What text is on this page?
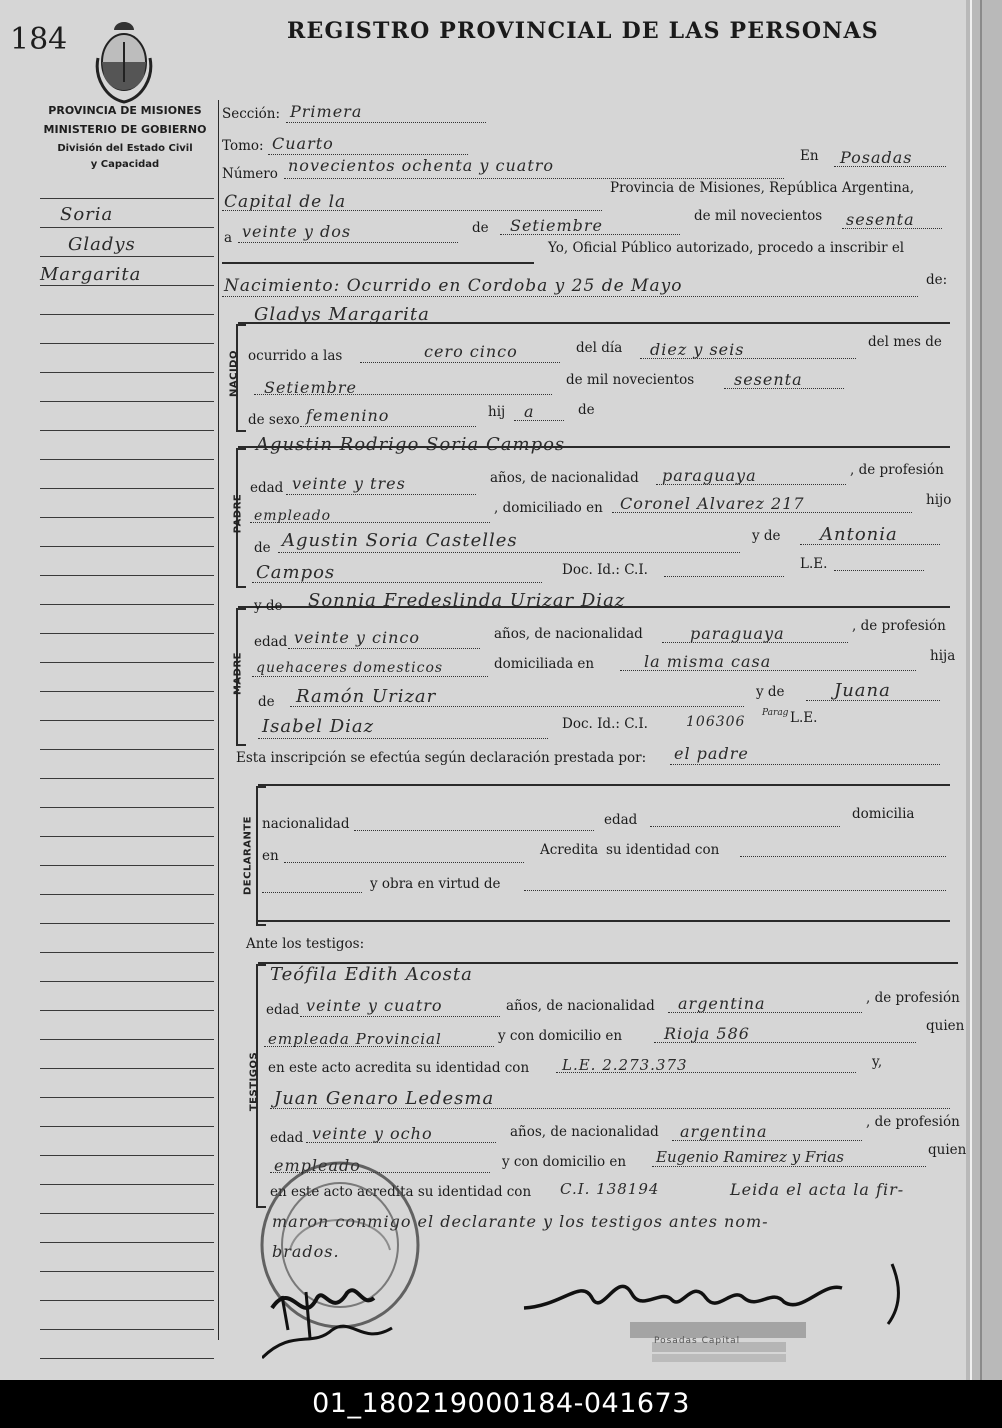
184	REGISTRO PROVINCIAL DE LAS PERSONAS
PROVINCIA DE MISIONES
MINISTERIO DE GOBIERNO
División del Estado Civil
y Capacidad
Soria
Gladys
Margarita
Sección: Primera
Tomo: Cuarto
Número novecientos ochenta y cuatro	En Posadas
Provincia de Misiones, República Argentina,
Capital de la
a veinte y dos	de Setiembre	de mil novecientos sesenta
Yo, Oficial Público autorizado, procedo a inscribir el
Nacimiento: Ocurrido en Cordoba y 25 de Mayo	de:
NACIDO
Gladys Margarita
ocurrido a las	cero cinco	del día diez y seis	del mes de
Setiembre	de mil novecientos sesenta
de sexo femenino	hij a	de
PADRE
Agustin Rodrigo Soria Campos
edad veinte y tres	años, de nacionalidad paraguaya	, de profesión
empleado	, domiciliado en Coronel Alvarez 217	hijo
de Agustin Soria Castelles	y de Antonia
Campos	Doc. Id.: C.I.	L.E.
MADRE
y de Sonnia Fredeslinda Urizar Diaz
edad veinte y cinco	años, de nacionalidad	paraguaya	, de profesión
quehaceres domesticos	domiciliada en	la misma casa	hija
de Ramón Urizar	y de	Juana
Isabel Diaz	Doc. Id.: C.I.	106306
Parag L.E.
Esta inscripción se efectúa según declaración prestada por: el padre
DECLARANTE nacionalidad	edad	domicilia
en	Acredita su identidad con
y obra en virtud de
Ante los testigos:
TESTIGOS
Teófila Edith Acosta
edad veinte y cuatro	años, de nacionalidad argentina	, de profesión
empleada Provincial	y con domicilio en	Rioja 586	quien
en este acto acredita su identidad con L.E. 2.273.373	y,
Juan Genaro Ledesma
edad veinte y ocho	años, de nacionalidad argentina	, de profesión
empleado	y con domicilio en Eugenio Ramirez y Frias	quien
en este acto acredita su identidad con C.I. 138194	Leida el acta la fir-
maron conmigo el declarante y los testigos antes nom-
brados.
Posadas Capital
01_180219000184-041673
